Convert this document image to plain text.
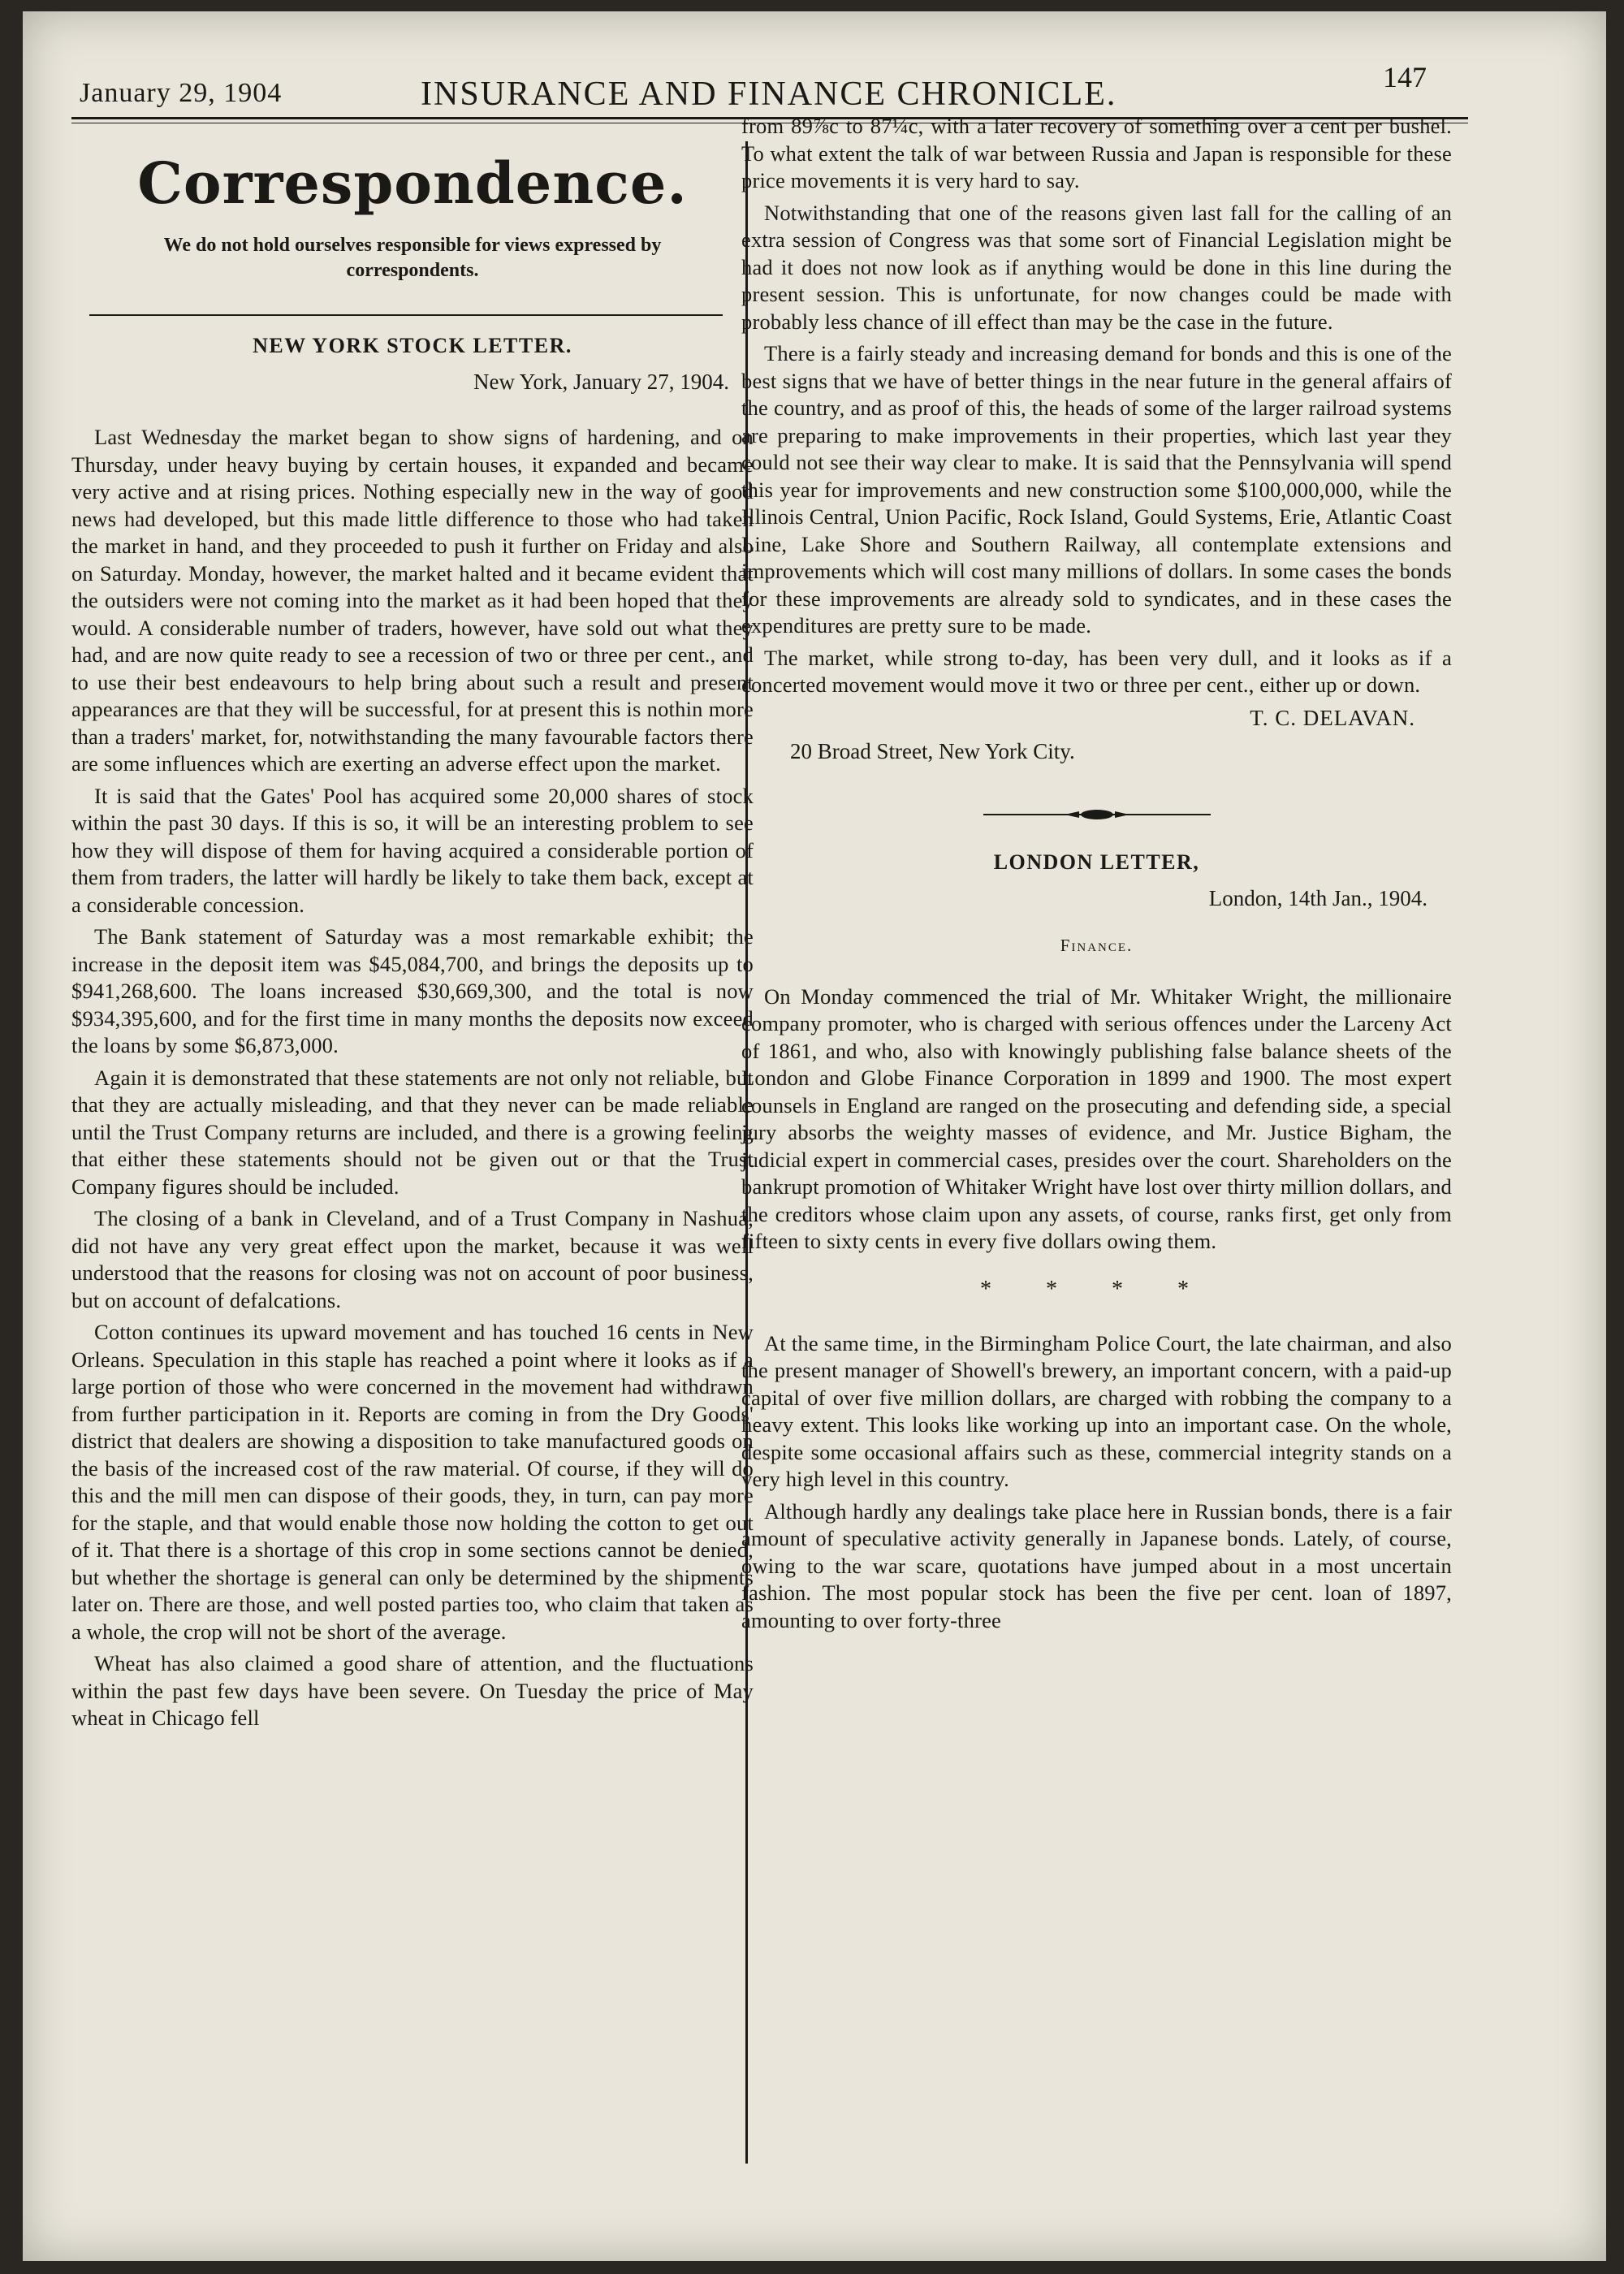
January 29, 1904	INSURANCE AND FINANCE CHRONICLE.	147
Correspondence.
We do not hold ourselves responsible for views expressed by correspondents.
NEW YORK STOCK LETTER.
New York, January 27, 1904.

Last Wednesday the market began to show signs of hardening, and on Thursday, under heavy buying by certain houses, it expanded and became very active and at rising prices. Nothing especially new in the way of good news had developed, but this made little difference to those who had taken the market in hand, and they proceeded to push it further on Friday and also on Saturday. Monday, however, the market halted and it became evident that the outsiders were not coming into the market as it had been hoped that they would. A considerable number of traders, however, have sold out what they had, and are now quite ready to see a recession of two or three per cent., and to use their best endeavours to help bring about such a result and present appearances are that they will be successful, for at present this is nothin more than a traders' market, for, notwithstanding the many favourable factors there are some influences which are exerting an adverse effect upon the market.

It is said that the Gates' Pool has acquired some 20,000 shares of stock within the past 30 days. If this is so, it will be an interesting problem to see how they will dispose of them for having acquired a considerable portion of them from traders, the latter will hardly be likely to take them back, except at a considerable concession.

The Bank statement of Saturday was a most remarkable exhibit; the increase in the deposit item was $45,084,700, and brings the deposits up to $941,268,600. The loans increased $30,669,300, and the total is now $934,395,600, and for the first time in many months the deposits now exceed the loans by some $6,873,000.

Again it is demonstrated that these statements are not only not reliable, but that they are actually misleading, and that they never can be made reliable until the Trust Company returns are included, and there is a growing feeling that either these statements should not be given out or that the Trust Company figures should be included.

The closing of a bank in Cleveland, and of a Trust Company in Nashua, did not have any very great effect upon the market, because it was well understood that the reasons for closing was not on account of poor business, but on account of defalcations.

Cotton continues its upward movement and has touched 16 cents in New Orleans. Speculation in this staple has reached a point where it looks as if a large portion of those who were concerned in the movement had withdrawn from further participation in it. Reports are coming in from the Dry Goods' district that dealers are showing a disposition to take manufactured goods on the basis of the increased cost of the raw material. Of course, if they will do this and the mill men can dispose of their goods, they, in turn, can pay more for the staple, and that would enable those now holding the cotton to get out of it. That there is a shortage of this crop in some sections cannot be denied, but whether the shortage is general can only be determined by the shipments later on. There are those, and well posted parties too, who claim that taken as a whole, the crop will not be short of the average.

Wheat has also claimed a good share of attention, and the fluctuations within the past few days have been severe. On Tuesday the price of May wheat in Chicago fell

from 89⅞c to 87¼c, with a later recovery of something over a cent per bushel. To what extent the talk of war between Russia and Japan is responsible for these price movements it is very hard to say.

Notwithstanding that one of the reasons given last fall for the calling of an extra session of Congress was that some sort of Financial Legislation might be had it does not now look as if anything would be done in this line during the present session. This is unfortunate, for now changes could be made with probably less chance of ill effect than may be the case in the future.

There is a fairly steady and increasing demand for bonds and this is one of the best signs that we have of better things in the near future in the general affairs of the country, and as proof of this, the heads of some of the larger railroad systems are preparing to make improvements in their properties, which last year they could not see their way clear to make. It is said that the Pennsylvania will spend this year for improvements and new construction some $100,000,000, while the Illinois Central, Union Pacific, Rock Island, Gould Systems, Erie, Atlantic Coast Line, Lake Shore and Southern Railway, all contemplate extensions and improvements which will cost many millions of dollars. In some cases the bonds for these improvements are already sold to syndicates, and in these cases the expenditures are pretty sure to be made.

The market, while strong to-day, has been very dull, and it looks as if a concerted movement would move it two or three per cent., either up or down.

T. C. DELAVAN.
20 Broad Street, New York City.
LONDON LETTER,
London, 14th Jan., 1904.
Finance.

On Monday commenced the trial of Mr. Whitaker Wright, the millionaire company promoter, who is charged with serious offences under the Larceny Act of 1861, and who, also with knowingly publishing false balance sheets of the London and Globe Finance Corporation in 1899 and 1900. The most expert counsels in England are ranged on the prosecuting and defending side, a special jury absorbs the weighty masses of evidence, and Mr. Justice Bigham, the judicial expert in commercial cases, presides over the court. Shareholders on the bankrupt promotion of Whitaker Wright have lost over thirty million dollars, and the creditors whose claim upon any assets, of course, ranks first, get only from fifteen to sixty cents in every five dollars owing them.

* * * *

At the same time, in the Birmingham Police Court, the late chairman, and also the present manager of Showell's brewery, an important concern, with a paid-up capital of over five million dollars, are charged with robbing the company to a heavy extent. This looks like working up into an important case. On the whole, despite some occasional affairs such as these, commercial integrity stands on a very high level in this country.

Although hardly any dealings take place here in Russian bonds, there is a fair amount of speculative activity generally in Japanese bonds. Lately, of course, owing to the war scare, quotations have jumped about in a most uncertain fashion. The most popular stock has been the five per cent. loan of 1897, amounting to over forty-three
